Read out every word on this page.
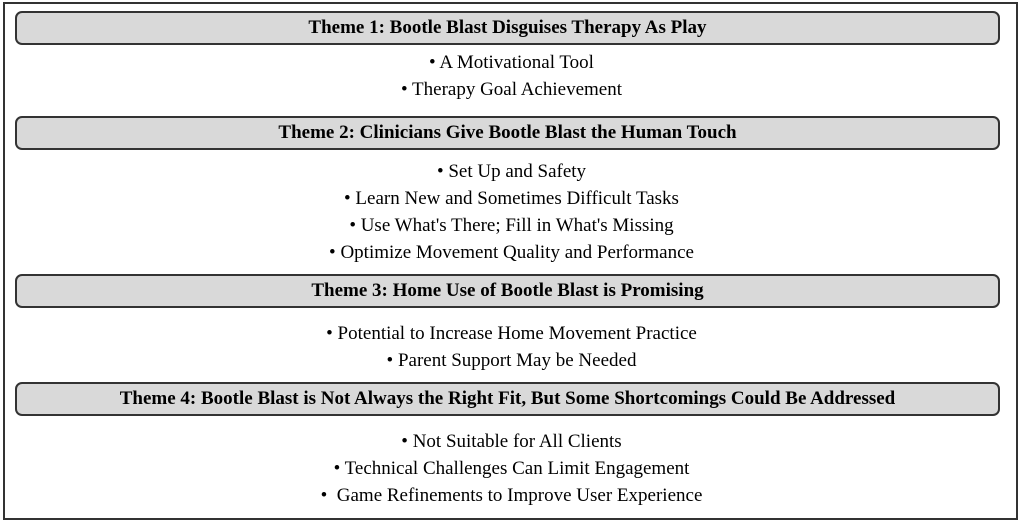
Theme 1: Bootle Blast Disguises Therapy As Play
• A Motivational Tool
• Therapy Goal Achievement
Theme 2: Clinicians Give Bootle Blast the Human Touch
• Set Up and Safety
• Learn New and Sometimes Difficult Tasks
• Use What's There; Fill in What's Missing
• Optimize Movement Quality and Performance
Theme 3: Home Use of Bootle Blast is Promising
• Potential to Increase Home Movement Practice
• Parent Support May be Needed
Theme 4: Bootle Blast is Not Always the Right Fit, But Some Shortcomings Could Be Addressed
• Not Suitable for All Clients
• Technical Challenges Can Limit Engagement
•  Game Refinements to Improve User Experience
